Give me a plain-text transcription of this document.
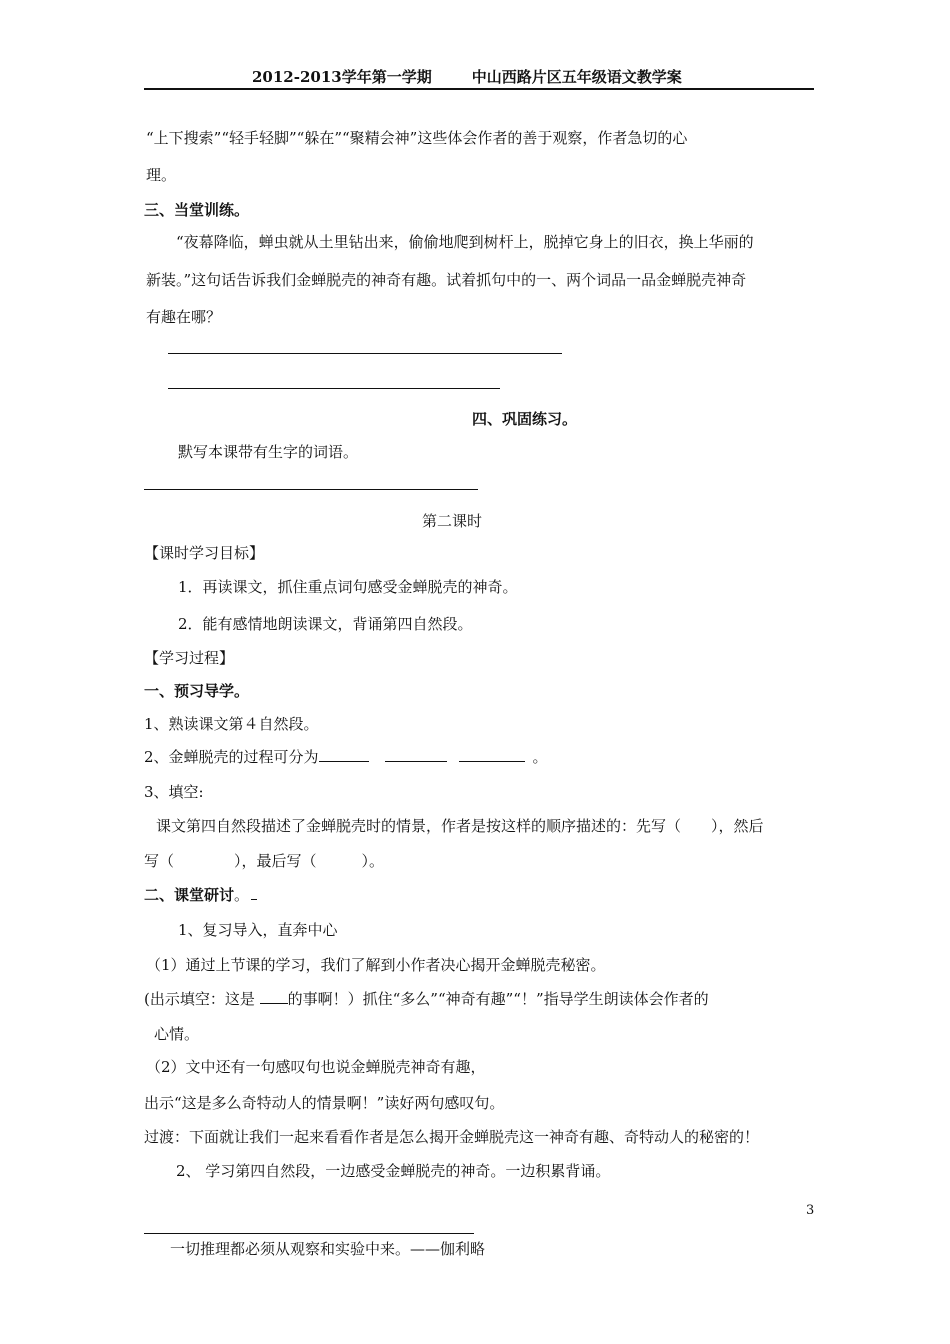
2012-2013学年第一学期	中山西路片区五年级语文教学案
“上下搜索”“轻手轻脚”“躲在”“聚精会神”这些体会作者的善于观察，作者急切的心
理。
三、当堂训练。
“夜幕降临，蝉虫就从土里钻出来，偷偷地爬到树杆上，脱掉它身上的旧衣，换上华丽的
新装。”这句话告诉我们金蝉脱壳的神奇有趣。试着抓句中的一、两个词品一品金蝉脱壳神奇
有趣在哪？
四、巩固练习。
默写本课带有生字的词语。
第二课时
【课时学习目标】
1．再读课文，抓住重点词句感受金蝉脱壳的神奇。
2．能有感情地朗读课文，背诵第四自然段。
【学习过程】
一、预习导学。
1、熟读课文第４自然段。
2、金蝉脱壳的过程可分为	。
3、填空:
课文第四自然段描述了金蝉脱壳时的情景，作者是按这样的顺序描述的：先写（　　），然后
写（　　　　），最后写（　　　）。
二、课堂研讨。
1、复习导入，直奔中心
（1）通过上节课的学习，我们了解到小作者决心揭开金蝉脱壳秘密。
(出示填空：这是 的事啊！）抓住“多么”“神奇有趣”“！”指导学生朗读体会作者的
心情。
（2）文中还有一句感叹句也说金蝉脱壳神奇有趣，
出示“这是多么奇特动人的情景啊！”读好两句感叹句。
过渡：下面就让我们一起来看看作者是怎么揭开金蝉脱壳这一神奇有趣、奇特动人的秘密的！
2、 学习第四自然段，一边感受金蝉脱壳的神奇。一边积累背诵。
3
一切推理都必须从观察和实验中来。——伽利略
